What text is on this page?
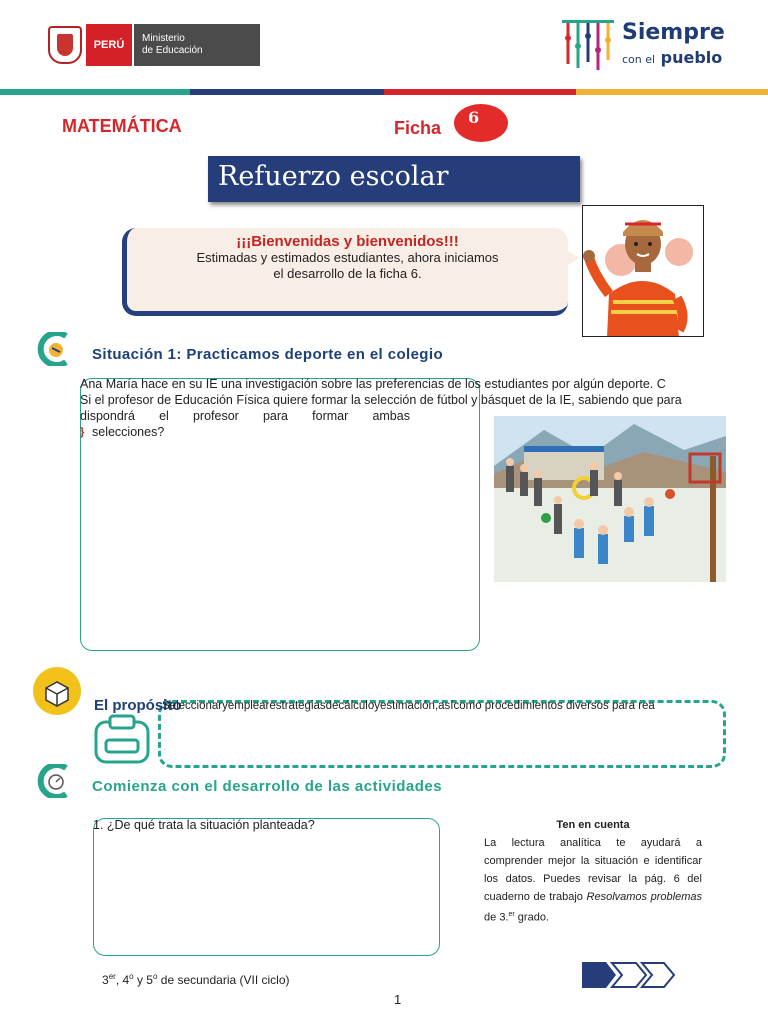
PERÚ
Ministerio
de Educación
Siempre
con el pueblo
MATEMÁTICA	Ficha
6
Refuerzo escolar
¡¡¡Bienvenidas y bienvenidos!!!
Estimadas y estimados estudiantes, ahora iniciamos
el desarrollo de la ficha 6.
Situación 1: Practicamos deporte en el colegio
Ana María hace en su IE una investigación sobre las preferencias de los estudiantes por algún deporte. C
Si el profesor de Educación Física quiere formar la selección de fútbol y básquet de la IE, sabiendo que para
dispondrá el profesor para formar ambas
selecciones?
}
El propósito
Seleccionaryemplearestrategiasdecálculoyestimación,asícomo procedimientos diversos para rea
Comienza con el desarrollo de las actividades
1. ¿De qué trata la situación planteada?	Ten en cuenta
La lectura analítica te ayudará a comprender mejor la situación e identificar los datos. Puedes revisar la pág. 6 del cuaderno de trabajo Resolvamos problemas de 3.$^{er}$ grado.
3er, 4$^o$ y 5$^o$ de secundaria (VII ciclo)
1
